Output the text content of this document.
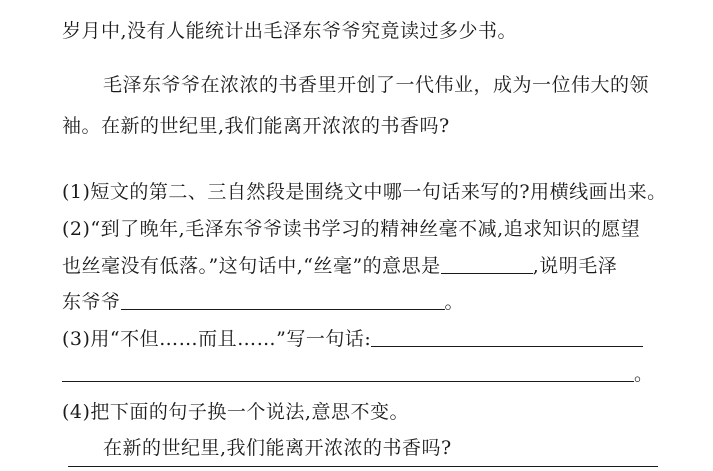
岁月中,没有人能统计出毛泽东爷爷究竟读过多少书。
毛泽东爷爷在浓浓的书香里开创了一代伟业，成为一位伟大的领
袖。在新的世纪里,我们能离开浓浓的书香吗?
(1)短文的第二、三自然段是围绕文中哪一句话来写的?用横线画出来。
(2)“到了晚年,毛泽东爷爷读书学习的精神丝毫不减,追求知识的愿望
也丝毫没有低落。”这句话中,“丝毫”的意思是	,说明毛泽
东爷爷	。
(3)用“不但……而且……”写一句话:
。
(4)把下面的句子换一个说法,意思不变。
在新的世纪里,我们能离开浓浓的书香吗?
